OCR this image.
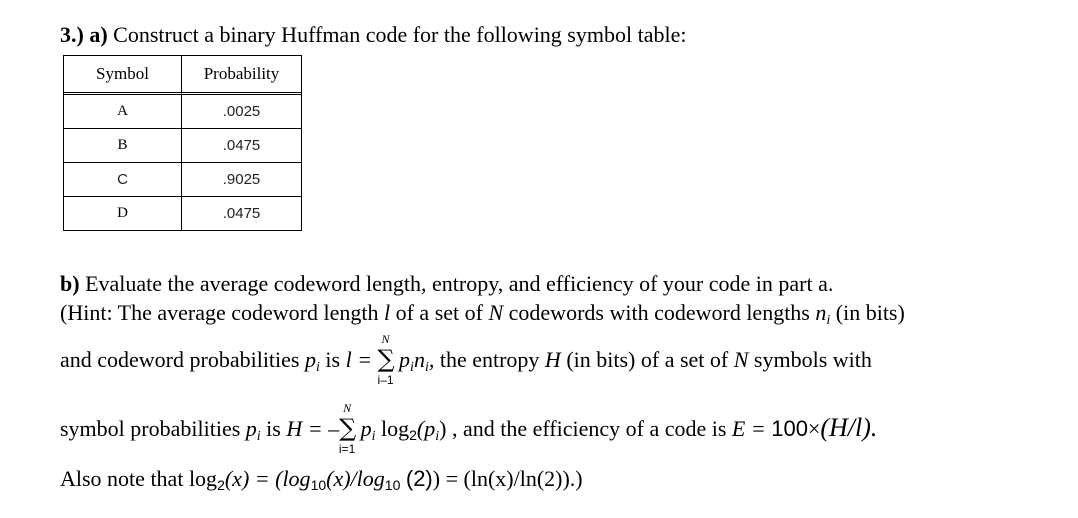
3.) a) Construct a binary Huffman code for the following symbol table:
Symbol	Probability
A	.0025
B	.0475
C	.9025
D	.0475
b) Evaluate the average codeword length, entropy, and efficiency of your code in part a.
(Hint: The average codeword length l of a set of N codewords with codeword lengths $n_i$ (in bits)
and codeword probabilities $p_i$ is l =
N
∑
i–1
$p_in_i$, the entropy H (in bits) of a set of N symbols with
symbol probabilities $p_i$ is H = –
N
∑
i=1
$p_i$ $\log_2(p_i)$ , and the efficiency of a code is E = 100×(H/l).
Also note that $\log_2(x) = (\log_{10}(x)/\log_{10}$ (2)) = (ln(x)/ln(2)).)
